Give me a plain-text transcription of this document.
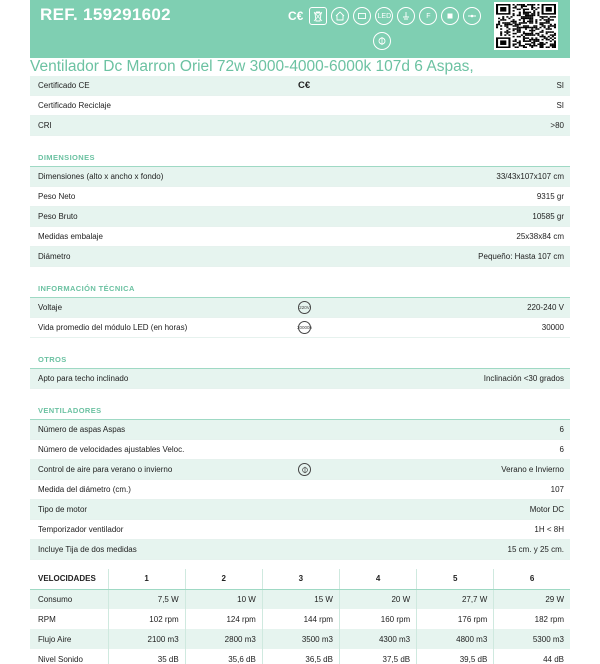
REF. 159291602	C€	LED	F
Ventilador Dc Marron Oriel 72w 3000-4000-6000k 107d 6 Aspas,
Certificado CE	C€	SI
Certificado Reciclaje	SI
CRI	>80
DIMENSIONES
Dimensiones (alto x ancho x fondo)	33/43x107x107 cm
Peso Neto	9315 gr
Peso Bruto	10585 gr
Medidas embalaje	25x38x84 cm
Diámetro	Pequeño: Hasta 107 cm
INFORMACIÓN TÉCNICA
Voltaje	220V	220-240 V
Vida promedio del módulo LED (en horas)	30000h	30000
OTROS
Apto para techo inclinado	Inclinación <30 grados
VENTILADORES
Número de aspas Aspas	6
Número de velocidades ajustables Veloc.	6
Control de aire para verano o invierno	Verano e Invierno
Medida del diámetro (cm.)	107
Tipo de motor	Motor DC
Temporizador ventilador	1H < 8H
Incluye Tija de dos medidas	15 cm. y 25 cm.
VELOCIDADES	1	2	3	4	5	6
Consumo	7,5 W	10 W	15 W	20 W	27,7 W	29 W
RPM	102 rpm	124 rpm	144 rpm	160 rpm	176 rpm	182 rpm
Flujo Aire	2100 m3	2800 m3	3500 m3	4300 m3	4800 m3	5300 m3
Nivel Sonido	35 dB	35,6 dB	36,5 dB	37,5 dB	39,5 dB	44 dB
